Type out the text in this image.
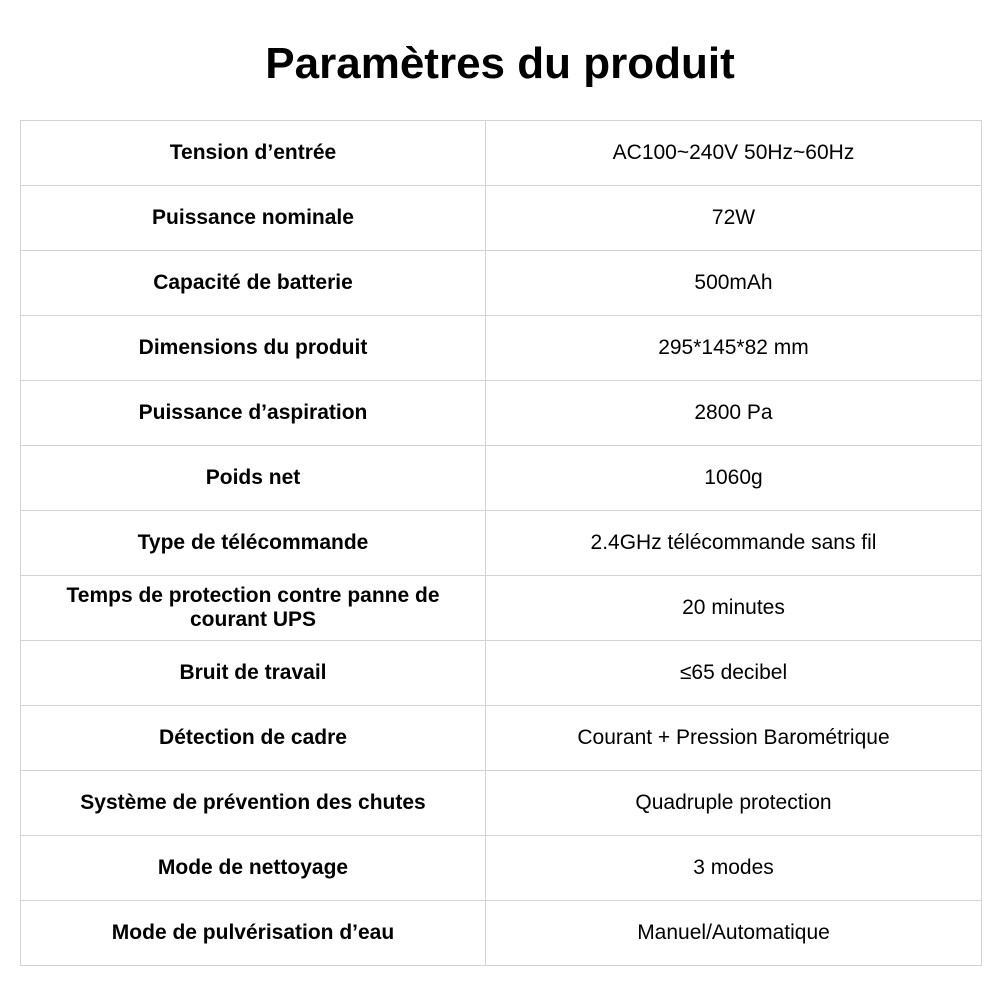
Paramètres du produit
Tension d’entrée	AC100~240V 50Hz~60Hz
Puissance nominale	72W
Capacité de batterie	500mAh
Dimensions du produit	295*145*82 mm
Puissance d’aspiration	2800 Pa
Poids net	1060g
Type de télécommande	2.4GHz télécommande sans fil
Temps de protection contre panne de courant UPS	20 minutes
Bruit de travail	≤65 decibel
Détection de cadre	Courant + Pression Barométrique
Système de prévention des chutes	Quadruple protection
Mode de nettoyage	3 modes
Mode de pulvérisation d’eau	Manuel/Automatique
